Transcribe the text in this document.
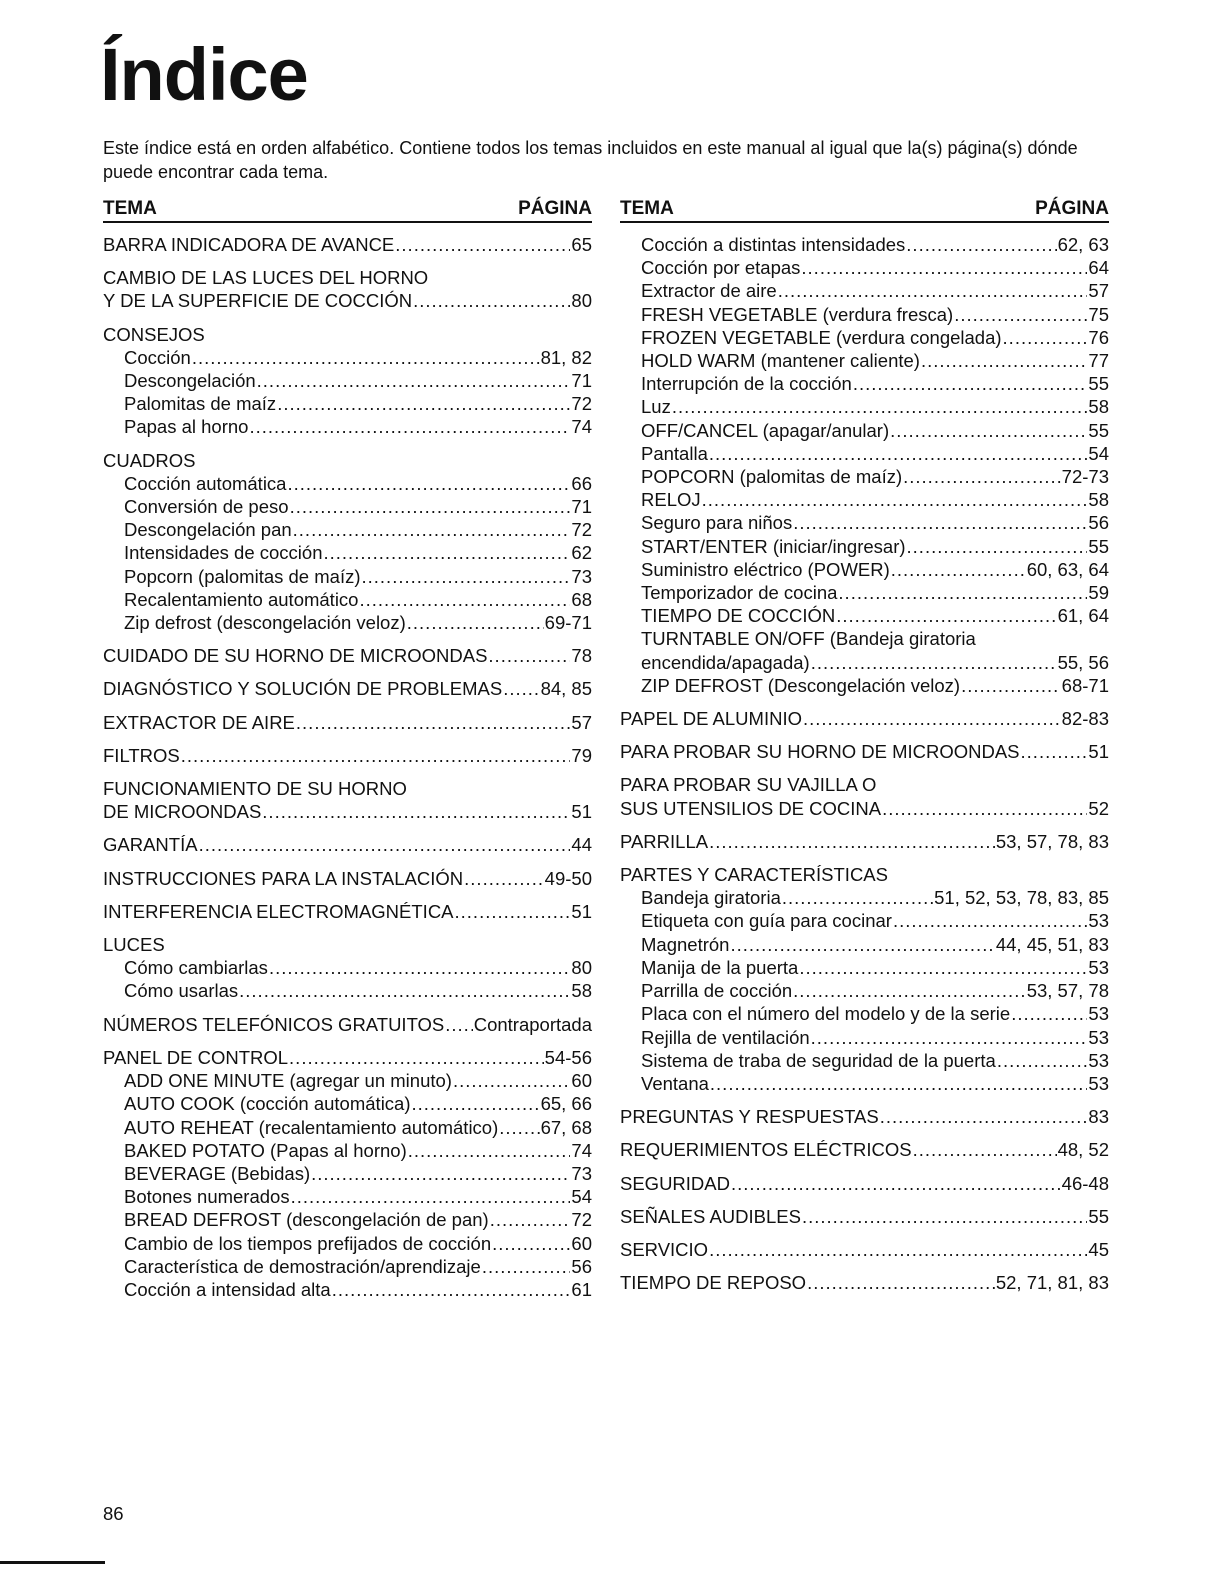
Índice
Este índice está en orden alfabético. Contiene todos los temas incluidos en este manual al igual que la(s) página(s) dónde puede encontrar cada tema.
TEMA	PÁGINA
BARRA INDICADORA DE AVANCE .....	65
CAMBIO DE LAS LUCES DEL HORNO
Y DE LA SUPERFICIE DE COCCIÓN .....	80
CONSEJOS
Cocción .....	81, 82
Descongelación .....	71
Palomitas de maíz .....	72
Papas al horno .....	74
CUADROS
Cocción automática .....	66
Conversión de peso .....	71
Descongelación pan .....	72
Intensidades de cocción .....	62
Popcorn (palomitas de maíz) .....	73
Recalentamiento automático .....	68
Zip defrost (descongelación veloz) .....	69-71
CUIDADO DE SU HORNO DE MICROONDAS .....	78
DIAGNÓSTICO Y SOLUCIÓN DE PROBLEMAS ..... 84, 85
EXTRACTOR DE AIRE .....	57
FILTROS .....	79
FUNCIONAMIENTO DE SU HORNO
DE MICROONDAS .....	51
GARANTÍA .....	44
INSTRUCCIONES PARA LA INSTALACIÓN .....	49-50
INTERFERENCIA ELECTROMAGNÉTICA .....	51
LUCES
Cómo cambiarlas .....	80
Cómo usarlas .....	58
NÚMEROS TELEFÓNICOS GRATUITOS ..... Contraportada
PANEL DE CONTROL .....	54-56
ADD ONE MINUTE (agregar un minuto) .....	60
AUTO COOK (cocción automática) .....	65, 66
AUTO REHEAT (recalentamiento automático) ..... 67, 68
BAKED POTATO (Papas al horno) .....	74
BEVERAGE (Bebidas) .....	73
Botones numerados .....	54
BREAD DEFROST (descongelación de pan) .....	72
Cambio de los tiempos prefijados de cocción .....	60
Característica de demostración/aprendizaje .....	56
Cocción a intensidad alta .....	61
TEMA	PÁGINA
Cocción a distintas intensidades .....	62, 63
Cocción por etapas .....	64
Extractor de aire .....	57
FRESH VEGETABLE (verdura fresca) .....	75
FROZEN VEGETABLE (verdura congelada) .....	76
HOLD WARM (mantener caliente) .....	77
Interrupción de la cocción .....	55
Luz .....	58
OFF/CANCEL (apagar/anular) .....	55
Pantalla .....	54
POPCORN (palomitas de maíz) .....	72-73
RELOJ .....	58
Seguro para niños .....	56
START/ENTER (iniciar/ingresar) .....	55
Suministro eléctrico (POWER) .....	60, 63, 64
Temporizador de cocina .....	59
TIEMPO DE COCCIÓN .....	61, 64
TURNTABLE ON/OFF (Bandeja giratoria
encendida/apagada) .....	55, 56
ZIP DEFROST (Descongelación veloz) .....	68-71
PAPEL DE ALUMINIO .....	82-83
PARA PROBAR SU HORNO DE MICROONDAS .....	51
PARA PROBAR SU VAJILLA O
SUS UTENSILIOS DE COCINA .....	52
PARRILLA .....	53, 57, 78, 83
PARTES Y CARACTERÍSTICAS
Bandeja giratoria .....	51, 52, 53, 78, 83, 85
Etiqueta con guía para cocinar .....	53
Magnetrón .....	44, 45, 51, 83
Manija de la puerta .....	53
Parrilla de cocción .....	53, 57, 78
Placa con el número del modelo y de la serie .....	53
Rejilla de ventilación .....	53
Sistema de traba de seguridad de la puerta .....	53
Ventana .....	53
PREGUNTAS Y RESPUESTAS .....	83
REQUERIMIENTOS ELÉCTRICOS .....	48, 52
SEGURIDAD .....	46-48
SEÑALES AUDIBLES .....	55
SERVICIO .....	45
TIEMPO DE REPOSO .....	52, 71, 81, 83
86
